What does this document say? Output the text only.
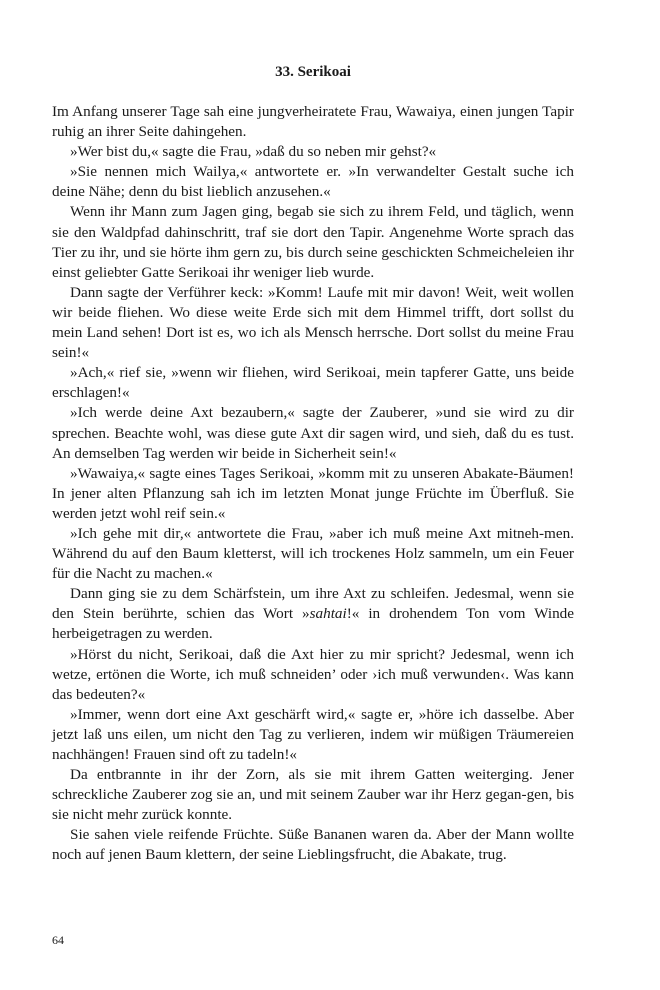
33. Serikoai

Im Anfang unserer Tage sah eine jungverheiratete Frau, Wawaiya, einen jungen Tapir ruhig an ihrer Seite dahingehen.

»Wer bist du,« sagte die Frau, »daß du so neben mir gehst?«

»Sie nennen mich Wailya,« antwortete er. »In verwandelter Gestalt suche ich deine Nähe; denn du bist lieblich anzusehen.«

Wenn ihr Mann zum Jagen ging, begab sie sich zu ihrem Feld, und täglich, wenn sie den Waldpfad dahinschritt, traf sie dort den Tapir. Angenehme Worte sprach das Tier zu ihr, und sie hörte ihm gern zu, bis durch seine geschickten Schmeicheleien ihr einst geliebter Gatte Serikoai ihr weniger lieb wurde.

Dann sagte der Verführer keck: »Komm! Laufe mit mir davon! Weit, weit wollen wir beide fliehen. Wo diese weite Erde sich mit dem Himmel trifft, dort sollst du mein Land sehen! Dort ist es, wo ich als Mensch herrsche. Dort sollst du meine Frau sein!«

»Ach,« rief sie, »wenn wir fliehen, wird Serikoai, mein tapferer Gatte, uns beide erschlagen!«

»Ich werde deine Axt bezaubern,« sagte der Zauberer, »und sie wird zu dir sprechen. Beachte wohl, was diese gute Axt dir sagen wird, und sieh, daß du es tust. An demselben Tag werden wir beide in Sicherheit sein!«

»Wawaiya,« sagte eines Tages Serikoai, »komm mit zu unseren Abakate-Bäumen! In jener alten Pflanzung sah ich im letzten Monat junge Früchte im Überfluß. Sie werden jetzt wohl reif sein.«

»Ich gehe mit dir,« antwortete die Frau, »aber ich muß meine Axt mitneh-men. Während du auf den Baum kletterst, will ich trockenes Holz sammeln, um ein Feuer für die Nacht zu machen.«

Dann ging sie zu dem Schärfstein, um ihre Axt zu schleifen. Jedesmal, wenn sie den Stein berührte, schien das Wort »sahtai!« in drohendem Ton vom Winde herbeigetragen zu werden.

»Hörst du nicht, Serikoai, daß die Axt hier zu mir spricht? Jedesmal, wenn ich wetze, ertönen die Worte, ich muß schneiden’ oder ›ich muß verwunden‹. Was kann das bedeuten?«

»Immer, wenn dort eine Axt geschärft wird,« sagte er, »höre ich dasselbe. Aber jetzt laß uns eilen, um nicht den Tag zu verlieren, indem wir müßigen Träumereien nachhängen! Frauen sind oft zu tadeln!«

Da entbrannte in ihr der Zorn, als sie mit ihrem Gatten weiterging. Jener schreckliche Zauberer zog sie an, und mit seinem Zauber war ihr Herz gegan-gen, bis sie nicht mehr zurück konnte.

Sie sahen viele reifende Früchte. Süße Bananen waren da. Aber der Mann wollte noch auf jenen Baum klettern, der seine Lieblingsfrucht, die Abakate, trug.

64
